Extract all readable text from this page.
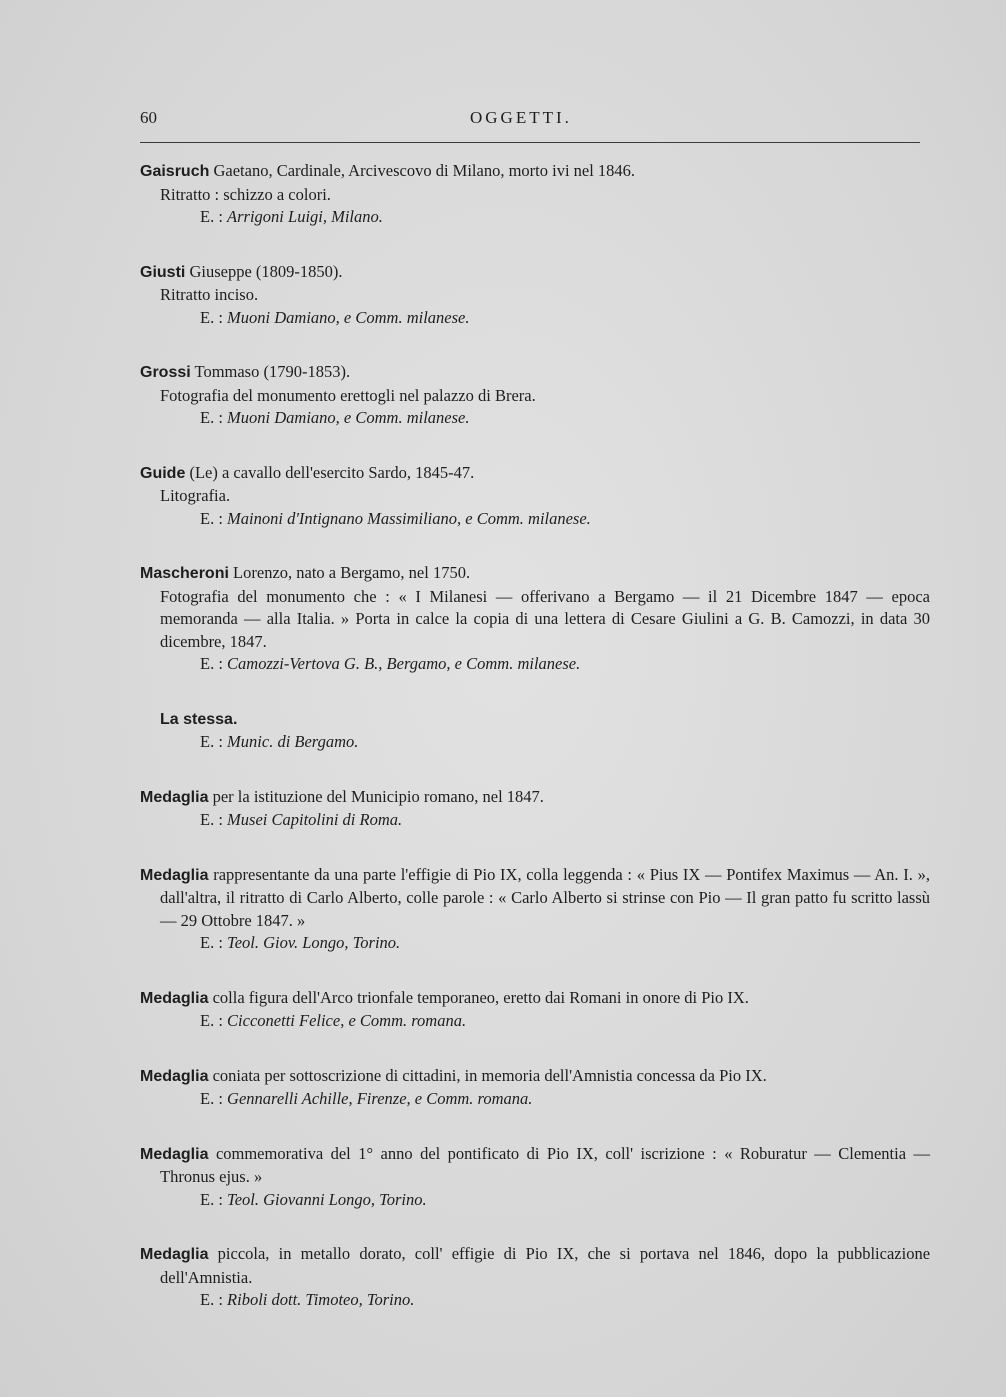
60	OGGETTI.

Gaisruch Gaetano, Cardinale, Arcivescovo di Milano, morto ivi nel 1846.

Ritratto : schizzo a colori.

E. : Arrigoni Luigi, Milano.

Giusti Giuseppe (1809-1850).

Ritratto inciso.

E. : Muoni Damiano, e Comm. milanese.

Grossi Tommaso (1790-1853).

Fotografia del monumento erettogli nel palazzo di Brera.

E. : Muoni Damiano, e Comm. milanese.

Guide (Le) a cavallo dell'esercito Sardo, 1845-47.

Litografia.

E. : Mainoni d'Intignano Massimiliano, e Comm. milanese.

Mascheroni Lorenzo, nato a Bergamo, nel 1750.

Fotografia del monumento che : « I Milanesi — offerivano a Bergamo — il 21 Dicembre 1847 — epoca memoranda — alla Italia. » Porta in calce la copia di una lettera di Cesare Giulini a G. B. Camozzi, in data 30 dicembre, 1847.

E. : Camozzi-Vertova G. B., Bergamo, e Comm. milanese.

La stessa.

E. : Munic. di Bergamo.

Medaglia per la istituzione del Municipio romano, nel 1847.

E. : Musei Capitolini di Roma.

Medaglia rappresentante da una parte l'effigie di Pio IX, colla leggenda : « Pius IX — Pontifex Maximus — An. I. », dall'altra, il ritratto di Carlo Alberto, colle parole : « Carlo Alberto si strinse con Pio — Il gran patto fu scritto lassù — 29 Ottobre 1847. »

E. : Teol. Giov. Longo, Torino.

Medaglia colla figura dell'Arco trionfale temporaneo, eretto dai Romani in onore di Pio IX.

E. : Cicconetti Felice, e Comm. romana.

Medaglia coniata per sottoscrizione di cittadini, in memoria dell'Amnistia concessa da Pio IX.

E. : Gennarelli Achille, Firenze, e Comm. romana.

Medaglia commemorativa del 1° anno del pontificato di Pio IX, coll' iscrizione : « Roburatur — Clementia — Thronus ejus. »

E. : Teol. Giovanni Longo, Torino.

Medaglia piccola, in metallo dorato, coll' effigie di Pio IX, che si portava nel 1846, dopo la pubblicazione dell'Amnistia.

E. : Riboli dott. Timoteo, Torino.
